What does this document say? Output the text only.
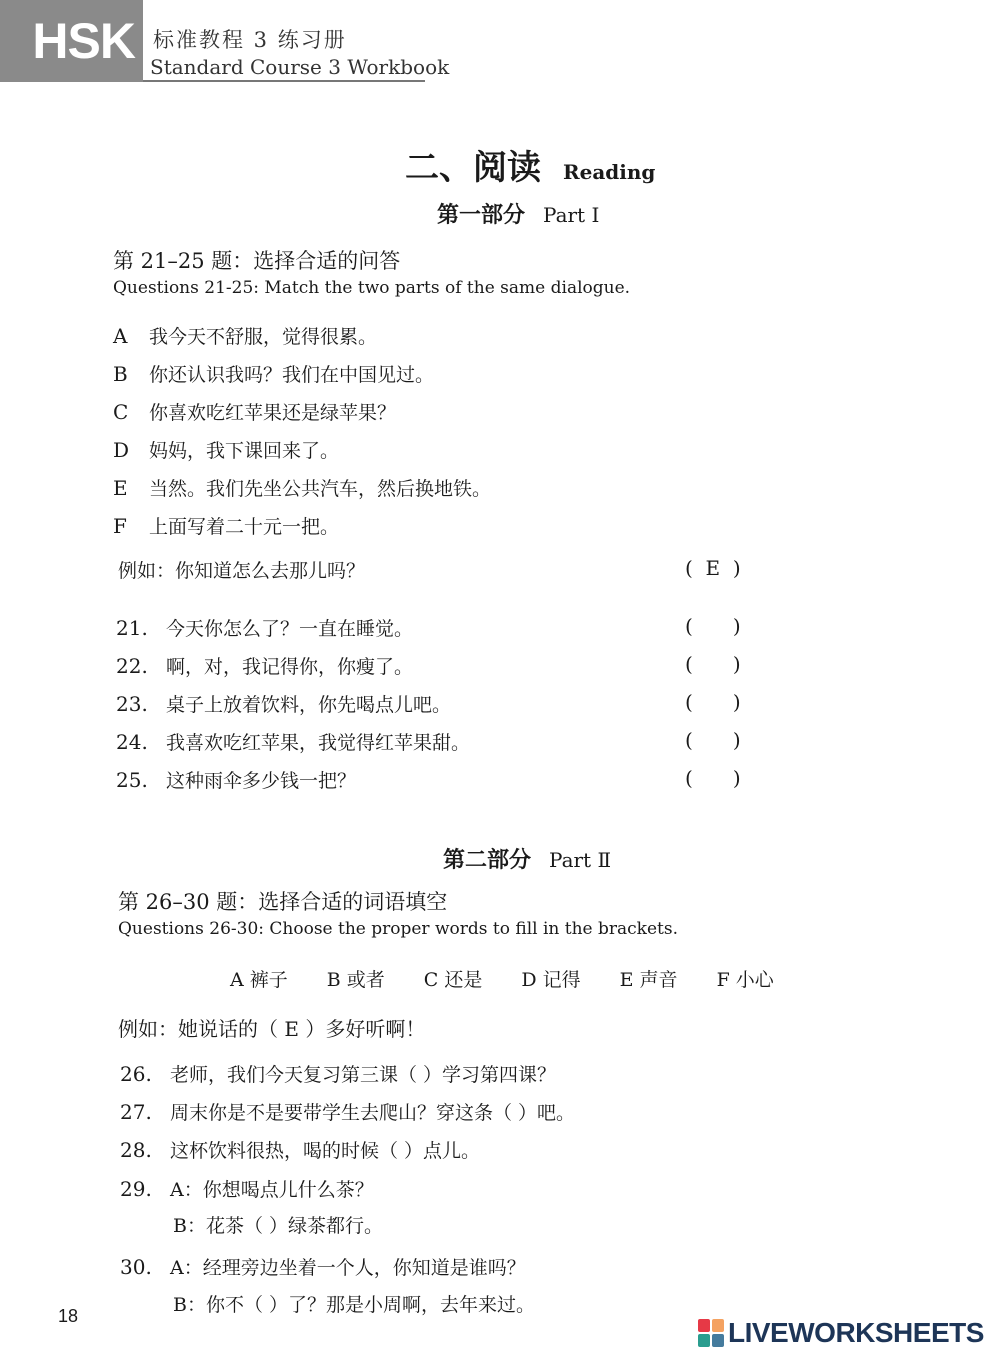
HSK 标准教程 3 练习册
Standard Course 3 Workbook
二、阅读 Reading
第一部分 Part Ⅰ
第 21–25 题：选择合适的问答
Questions 21-25: Match the two parts of the same dialogue.
A 我今天不舒服，觉得很累。
B 你还认识我吗？我们在中国见过。
C 你喜欢吃红苹果还是绿苹果？
D 妈妈，我下课回来了。
E 当然。我们先坐公共汽车，然后换地铁。
F 上面写着二十元一把。
例如：你知道怎么去那儿吗？	( E )
21. 今天你怎么了？一直在睡觉。	( )
22. 啊，对，我记得你，你瘦了。	( )
23. 桌子上放着饮料，你先喝点儿吧。	( )
24. 我喜欢吃红苹果，我觉得红苹果甜。	( )
25. 这种雨伞多少钱一把？	( )
第二部分 Part Ⅱ
第 26–30 题：选择合适的词语填空
Questions 26-30: Choose the proper words to fill in the brackets.
A 裤子 B 或者 C 还是 D 记得 E 声音 F 小心
例如：她说话的（ E ）多好听啊！
26. 老师，我们今天复习第三课（ ）学习第四课？
27. 周末你是不是要带学生去爬山？穿这条（ ）吧。
28. 这杯饮料很热，喝的时候（ ）点儿。
29. A：你想喝点儿什么茶？
B：花茶（ ）绿茶都行。
30. A：经理旁边坐着一个人，你知道是谁吗？
B：你不（ ）了？那是小周啊，去年来过。
18
LIVEWORKSHEETS
